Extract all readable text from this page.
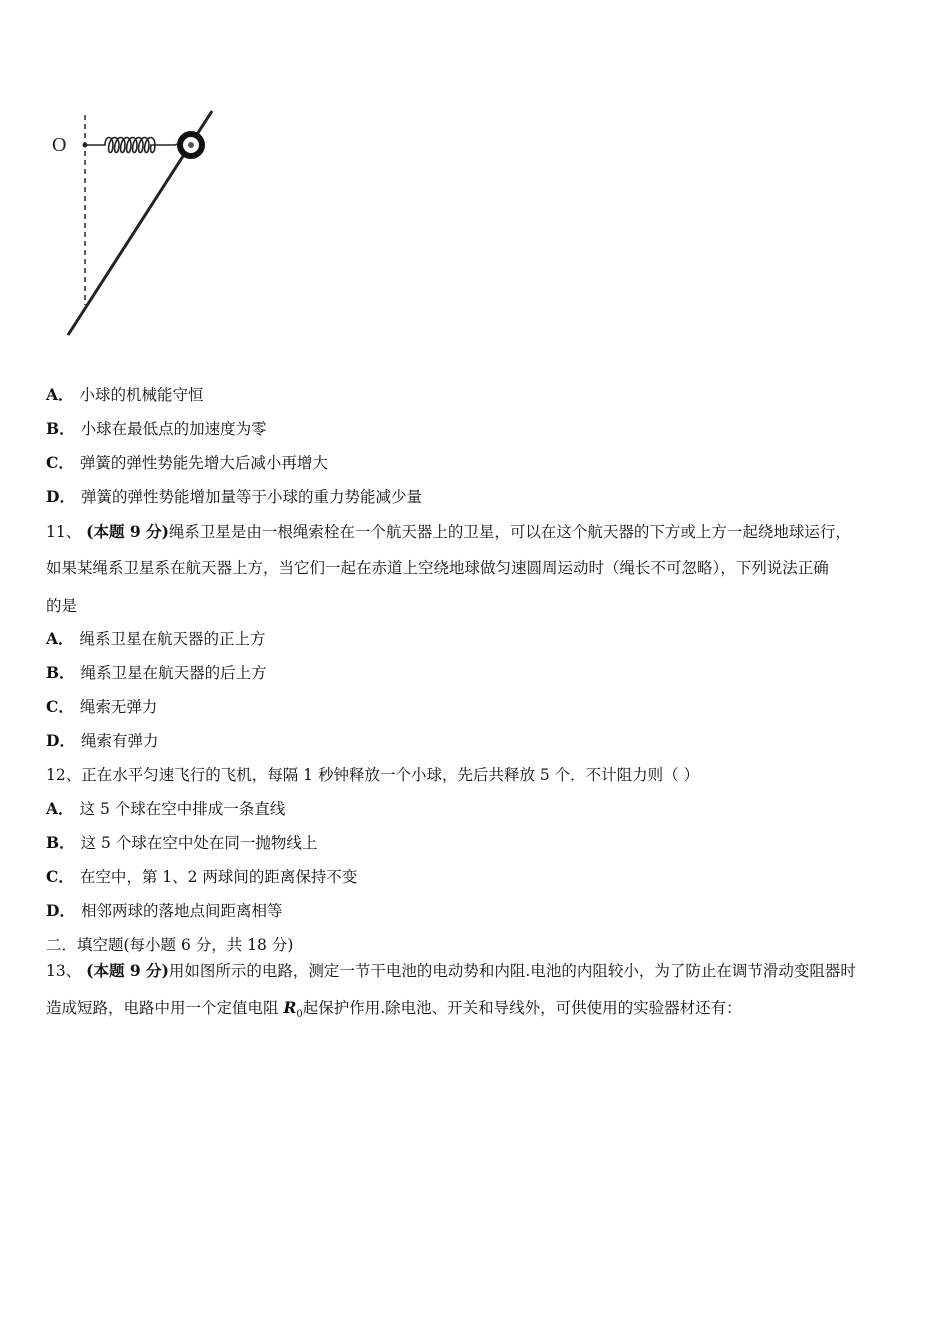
O
A． 小球的机械能守恒
B． 小球在最低点的加速度为零
C． 弹簧的弹性势能先增大后减小再增大
D． 弹簧的弹性势能增加量等于小球的重力势能减少量
11、 (本题 9 分)绳系卫星是由一根绳索栓在一个航天器上的卫星，可以在这个航天器的下方或上方一起绕地球运行，
如果某绳系卫星系在航天器上方，当它们一起在赤道上空绕地球做匀速圆周运动时（绳长不可忽略），下列说法正确
的是
A． 绳系卫星在航天器的正上方
B． 绳系卫星在航天器的后上方
C． 绳索无弹力
D． 绳索有弹力
12、正在水平匀速飞行的飞机，每隔 1 秒钟释放一个小球，先后共释放 5 个．不计阻力则（ ）
A． 这 5 个球在空中排成一条直线
B． 这 5 个球在空中处在同一抛物线上
C． 在空中，第 1、2 两球间的距离保持不变
D． 相邻两球的落地点间距离相等
二．填空题(每小题 6 分，共 18 分)
13、 (本题 9 分)用如图所示的电路，测定一节干电池的电动势和内阻.电池的内阻较小，为了防止在调节滑动变阻器时
造成短路，电路中用一个定值电阻 $R_0$起保护作用.除电池、开关和导线外，可供使用的实验器材还有：
